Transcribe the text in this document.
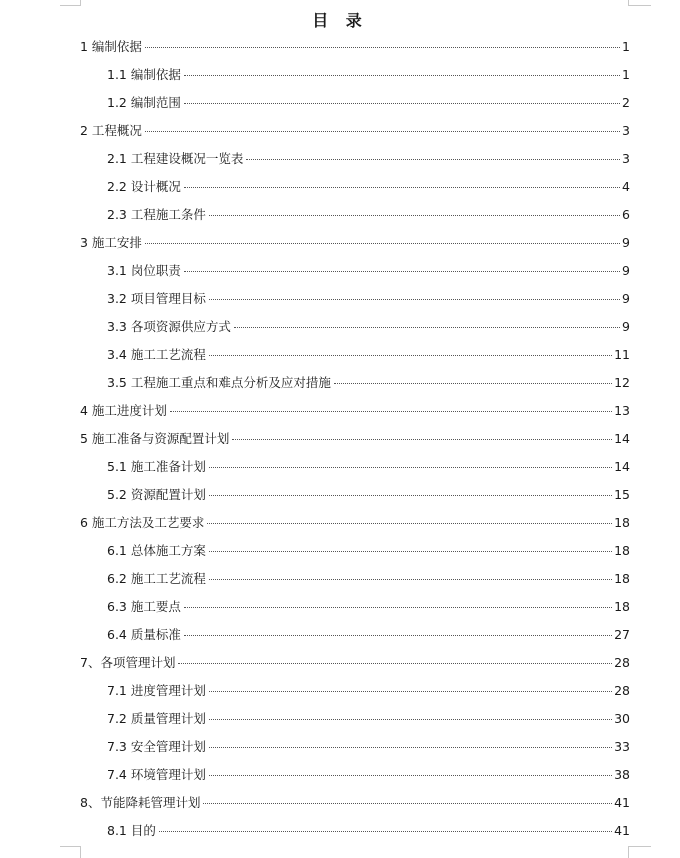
目 录
1 编制依据	1
1.1 编制依据	1
1.2 编制范围	2
2 工程概况	3
2.1 工程建设概况一览表	3
2.2 设计概况	4
2.3 工程施工条件	6
3 施工安排	9
3.1 岗位职责	9
3.2 项目管理目标	9
3.3 各项资源供应方式	9
3.4 施工工艺流程	11
3.5 工程施工重点和难点分析及应对措施	12
4 施工进度计划	13
5 施工准备与资源配置计划	14
5.1 施工准备计划	14
5.2 资源配置计划	15
6 施工方法及工艺要求	18
6.1 总体施工方案	18
6.2 施工工艺流程	18
6.3 施工要点	18
6.4 质量标准	27
7、各项管理计划	28
7.1 进度管理计划	28
7.2 质量管理计划	30
7.3 安全管理计划	33
7.4 环境管理计划	38
8、节能降耗管理计划	41
8.1 目的	41
